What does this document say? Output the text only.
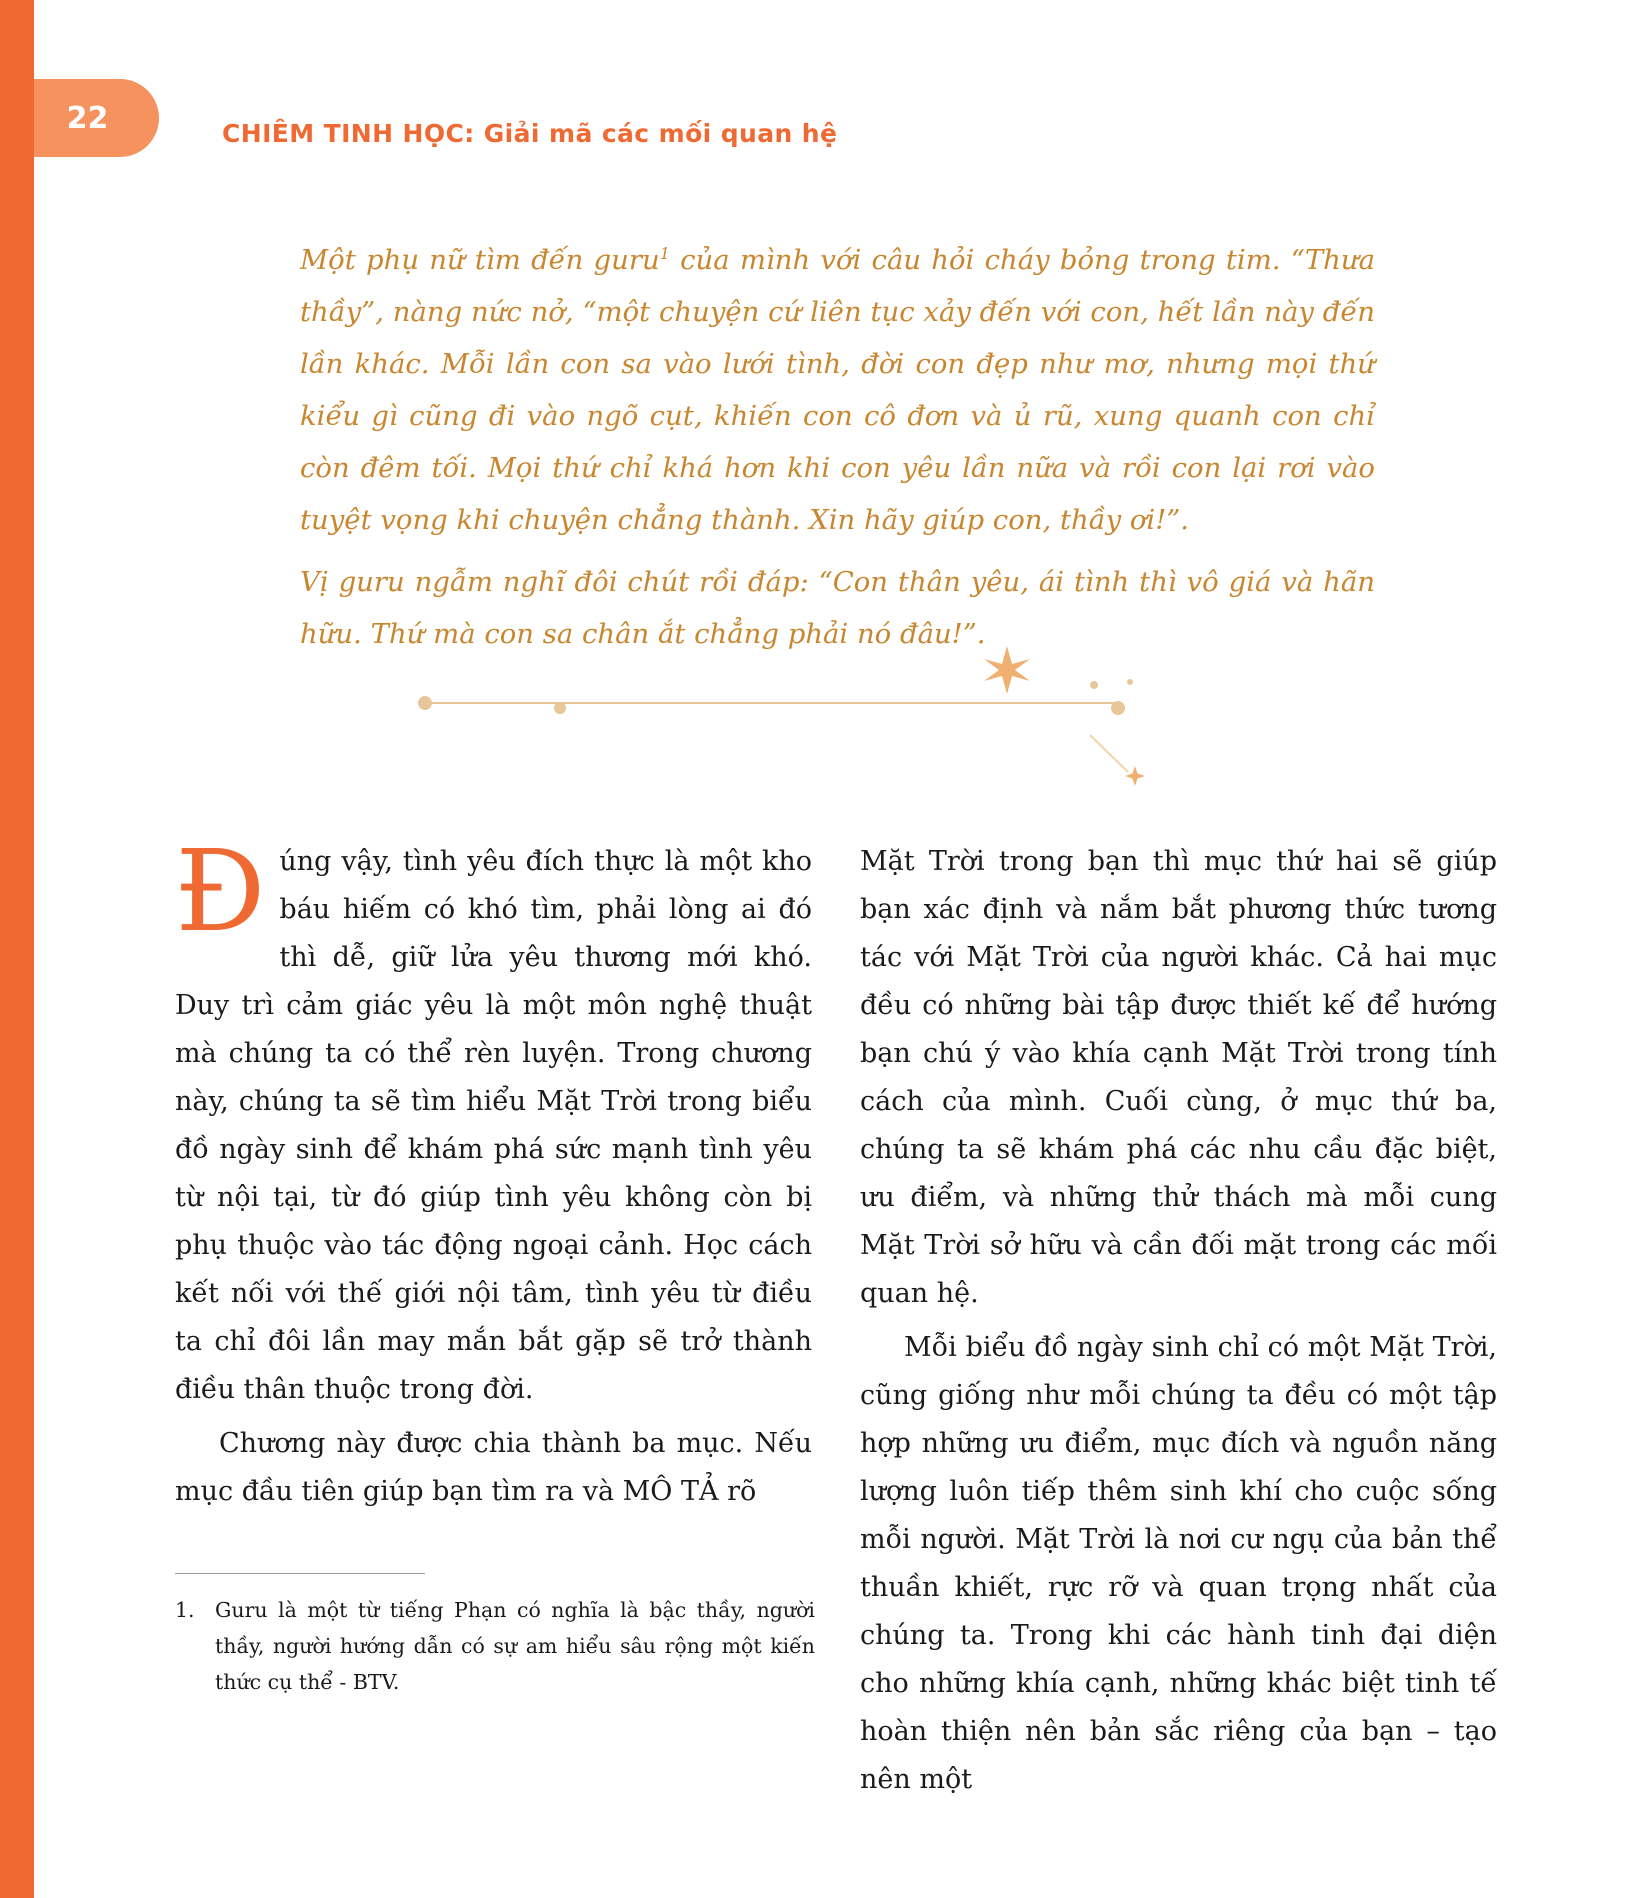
22	CHIÊM TINH HỌC: Giải mã các mối quan hệ

Một phụ nữ tìm đến guru$^1$ của mình với câu hỏi cháy bỏng trong tim. “Thưa thầy”, nàng nức nở, “một chuyện cứ liên tục xảy đến với con, hết lần này đến lần khác. Mỗi lần con sa vào lưới tình, đời con đẹp như mơ, nhưng mọi thứ kiểu gì cũng đi vào ngõ cụt, khiến con cô đơn và ủ rũ, xung quanh con chỉ còn đêm tối. Mọi thứ chỉ khá hơn khi con yêu lần nữa và rồi con lại rơi vào tuyệt vọng khi chuyện chẳng thành. Xin hãy giúp con, thầy ơi!”.

Vị guru ngẫm nghĩ đôi chút rồi đáp: “Con thân yêu, ái tình thì vô giá và hãn hữu. Thứ mà con sa chân ắt chẳng phải nó đâu!”.

Đúng vậy, tình yêu đích thực là một kho báu hiếm có khó tìm, phải lòng ai đó thì dễ, giữ lửa yêu thương mới khó. Duy trì cảm giác yêu là một môn nghệ thuật mà chúng ta có thể rèn luyện. Trong chương này, chúng ta sẽ tìm hiểu Mặt Trời trong biểu đồ ngày sinh để khám phá sức mạnh tình yêu từ nội tại, từ đó giúp tình yêu không còn bị phụ thuộc vào tác động ngoại cảnh. Học cách kết nối với thế giới nội tâm, tình yêu từ điều ta chỉ đôi lần may mắn bắt gặp sẽ trở thành điều thân thuộc trong đời.

Chương này được chia thành ba mục. Nếu mục đầu tiên giúp bạn tìm ra và MÔ TẢ rõ

Mặt Trời trong bạn thì mục thứ hai sẽ giúp bạn xác định và nắm bắt phương thức tương tác với Mặt Trời của người khác. Cả hai mục đều có những bài tập được thiết kế để hướng bạn chú ý vào khía cạnh Mặt Trời trong tính cách của mình. Cuối cùng, ở mục thứ ba, chúng ta sẽ khám phá các nhu cầu đặc biệt, ưu điểm, và những thử thách mà mỗi cung Mặt Trời sở hữu và cần đối mặt trong các mối quan hệ.

Mỗi biểu đồ ngày sinh chỉ có một Mặt Trời, cũng giống như mỗi chúng ta đều có một tập hợp những ưu điểm, mục đích và nguồn năng lượng luôn tiếp thêm sinh khí cho cuộc sống mỗi người. Mặt Trời là nơi cư ngụ của bản thể thuần khiết, rực rỡ và quan trọng nhất của chúng ta. Trong khi các hành tinh đại diện cho những khía cạnh, những khác biệt tinh tế hoàn thiện nên bản sắc riêng của bạn – tạo nên một

1. Guru là một từ tiếng Phạn có nghĩa là bậc thầy, người thầy, người hướng dẫn có sự am hiểu sâu rộng một kiến thức cụ thể - BTV.
